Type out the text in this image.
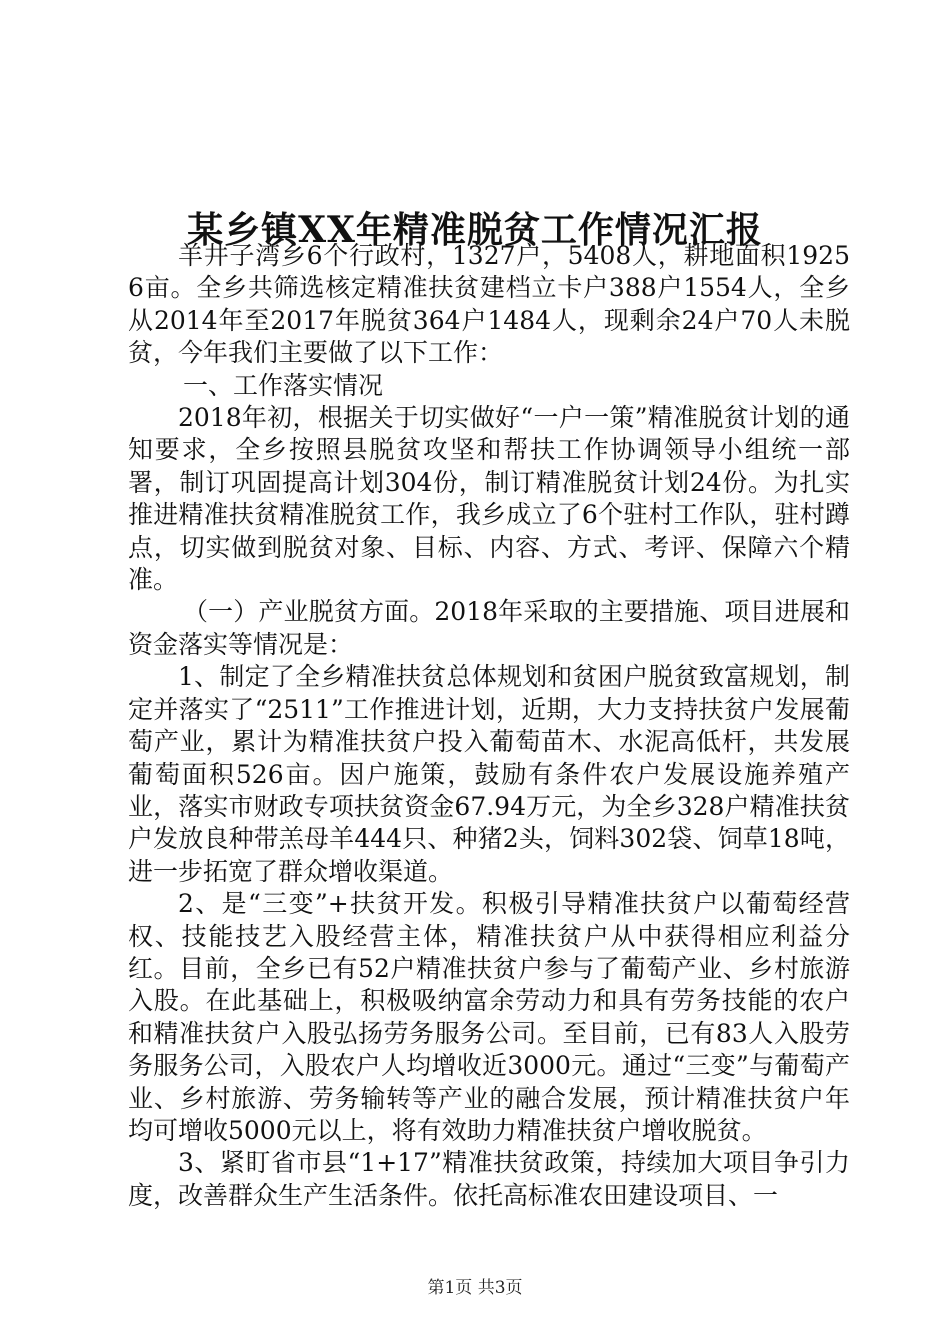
某乡镇XX年精准脱贫工作情况汇报

羊井子湾乡6个行政村，1327户，5408人，耕地面积19256亩。全乡共筛选核定精准扶贫建档立卡户388户1554人，全乡从2014年至2017年脱贫364户1484人，现剩余24户70人未脱贫，今年我们主要做了以下工作：

一、工作落实情况

2018年初，根据关于切实做好“一户一策”精准脱贫计划的通知要求，全乡按照县脱贫攻坚和帮扶工作协调领导小组统一部署，制订巩固提高计划304份，制订精准脱贫计划24份。为扎实推进精准扶贫精准脱贫工作，我乡成立了6个驻村工作队，驻村蹲点，切实做到脱贫对象、目标、内容、方式、考评、保障六个精准。

（一）产业脱贫方面。2018年采取的主要措施、项目进展和资金落实等情况是：

1、制定了全乡精准扶贫总体规划和贫困户脱贫致富规划，制定并落实了“2511”工作推进计划，近期，大力支持扶贫户发展葡萄产业，累计为精准扶贫户投入葡萄苗木、水泥高低杆，共发展葡萄面积526亩。因户施策，鼓励有条件农户发展设施养殖产业，落实市财政专项扶贫资金67.94万元，为全乡328户精准扶贫户发放良种带羔母羊444只、种猪2头，饲料302袋、饲草18吨，进一步拓宽了群众增收渠道。

2、是“三变”+扶贫开发。积极引导精准扶贫户以葡萄经营权、技能技艺入股经营主体，精准扶贫户从中获得相应利益分红。目前，全乡已有52户精准扶贫户参与了葡萄产业、乡村旅游入股。在此基础上，积极吸纳富余劳动力和具有劳务技能的农户和精准扶贫户入股弘扬劳务服务公司。至目前，已有83人入股劳务服务公司，入股农户人均增收近3000元。通过“三变”与葡萄产业、乡村旅游、劳务输转等产业的融合发展，预计精准扶贫户年均可增收5000元以上，将有效助力精准扶贫户增收脱贫。

3、紧盯省市县“1+17”精准扶贫政策，持续加大项目争引力度，改善群众生产生活条件。依托高标准农田建设项目、一

第1页 共3页
